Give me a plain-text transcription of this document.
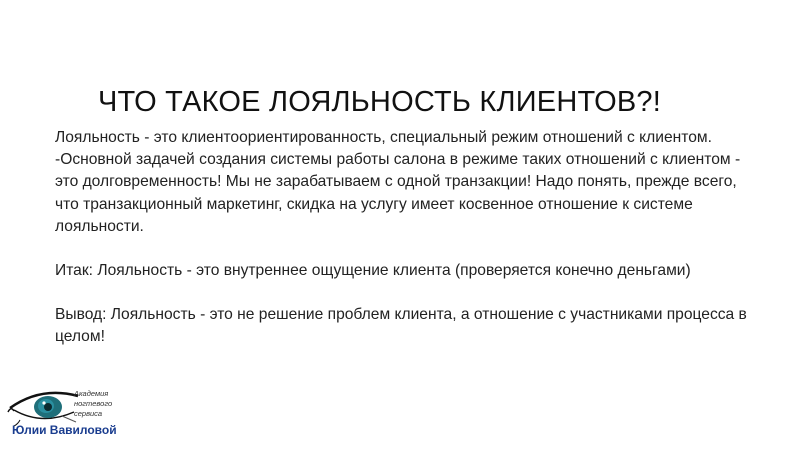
ЧТО ТАКОЕ ЛОЯЛЬНОСТЬ КЛИЕНТОВ?!

Лояльность - это клиентоориентированность, специальный режим отношений с клиентом.

-Основной задачей создания системы работы салона в режиме таких отношений с клиентом - это долговременность! Мы не зарабатываем с одной транзакции! Надо понять, прежде всего, что транзакционный маркетинг, скидка на услугу имеет косвенное отношение к системе лояльности.

Итак: Лояльность - это внутреннее ощущение клиента (проверяется конечно деньгами)

Вывод: Лояльность - это не решение проблем клиента, а отношение с участниками процесса в целом!

Академия
ногтевого
сервиса
Юлии Вавиловой
